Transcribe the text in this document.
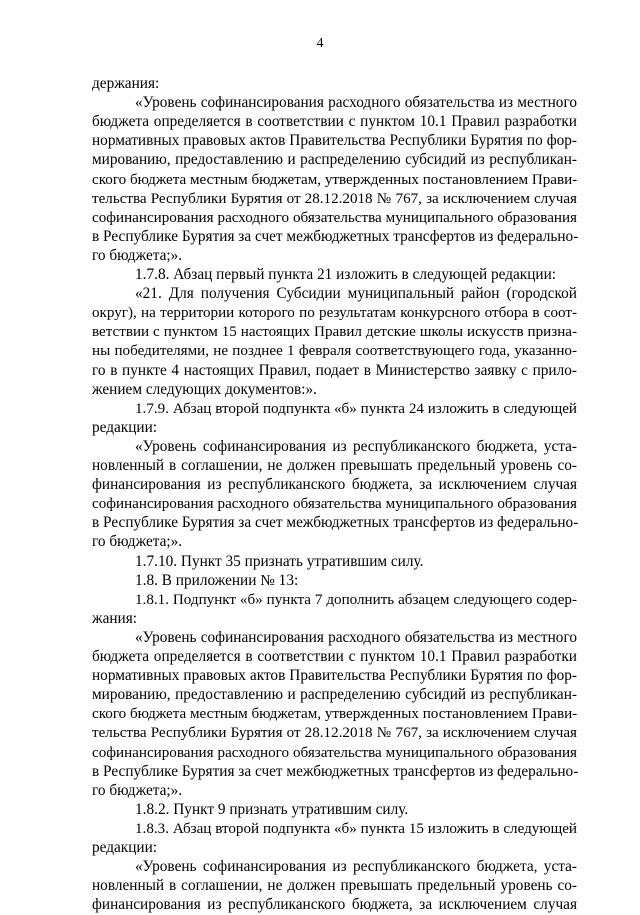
4
держания:
«Уровень софинансирования расходного обязательства из местного
бюджета определяется в соответствии с пунктом 10.1 Правил разработки
нормативных правовых актов Правительства Республики Бурятия по фор-
мированию, предоставлению и распределению субсидий из республикан-
ского бюджета местным бюджетам, утвержденных постановлением Прави-
тельства Республики Бурятия от 28.12.2018 № 767, за исключением случая
софинансирования расходного обязательства муниципального образования
в Республике Бурятия за счет межбюджетных трансфертов из федерально-
го бюджета;».
1.7.8. Абзац первый пункта 21 изложить в следующей редакции:
«21. Для получения Субсидии муниципальный район (городской
округ), на территории которого по результатам конкурсного отбора в соот-
ветствии с пунктом 15 настоящих Правил детские школы искусств призна-
ны победителями, не позднее 1 февраля соответствующего года, указанно-
го в пункте 4 настоящих Правил, подает в Министерство заявку с прило-
жением следующих документов:».
1.7.9. Абзац второй подпункта «б» пункта 24 изложить в следующей
редакции:
«Уровень софинансирования из республиканского бюджета, уста-
новленный в соглашении, не должен превышать предельный уровень со-
финансирования из республиканского бюджета, за исключением случая
софинансирования расходного обязательства муниципального образования
в Республике Бурятия за счет межбюджетных трансфертов из федерально-
го бюджета;».
1.7.10. Пункт 35 признать утратившим силу.
1.8. В приложении № 13:
1.8.1. Подпункт «б» пункта 7 дополнить абзацем следующего содер-
жания:
«Уровень софинансирования расходного обязательства из местного
бюджета определяется в соответствии с пунктом 10.1 Правил разработки
нормативных правовых актов Правительства Республики Бурятия по фор-
мированию, предоставлению и распределению субсидий из республикан-
ского бюджета местным бюджетам, утвержденных постановлением Прави-
тельства Республики Бурятия от 28.12.2018 № 767, за исключением случая
софинансирования расходного обязательства муниципального образования
в Республике Бурятия за счет межбюджетных трансфертов из федерально-
го бюджета;».
1.8.2. Пункт 9 признать утратившим силу.
1.8.3. Абзац второй подпункта «б» пункта 15 изложить в следующей
редакции:
«Уровень софинансирования из республиканского бюджета, уста-
новленный в соглашении, не должен превышать предельный уровень со-
финансирования из республиканского бюджета, за исключением случая
